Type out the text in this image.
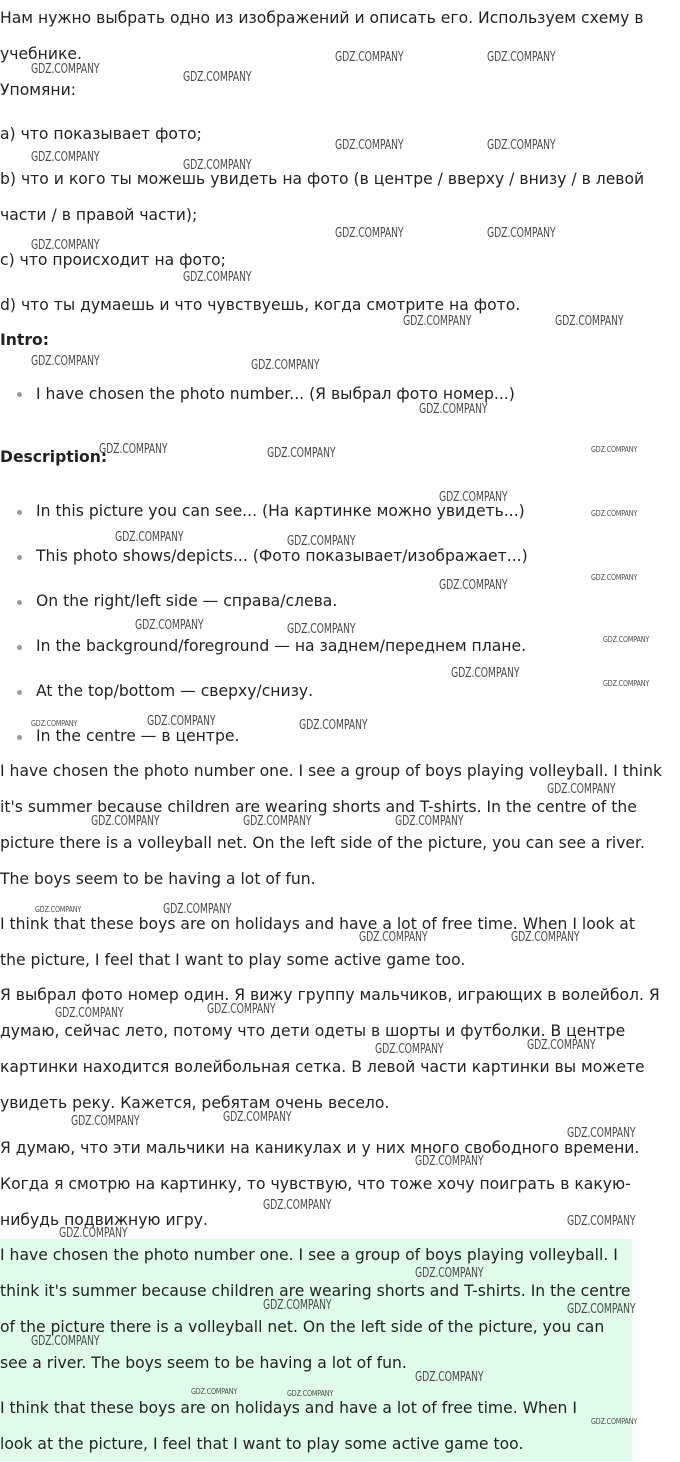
Нам нужно выбрать одно из изображений и описать его. Используем схему в учебнике.

Упомяни:

а) что показывает фото;

b) что и кого ты можешь увидеть на фото (в центре / вверху / внизу / в левой части / в правой части);

c) что происходит на фото;

d) что ты думаешь и что чувствуешь, когда смотрите на фото.

Intro:

I have chosen the photo number... (Я выбрал фото номер...)

Description:

In this picture you can see... (На картинке можно увидеть...)

This photo shows/depicts... (Фото показывает/изображает...)

On the right/left side — справа/слева.

In the background/foreground — на заднем/переднем плане.

At the top/bottom — сверху/снизу.

In the centre — в центре.

I have chosen the photo number one. I see a group of boys playing volleyball. I think it's summer because children are wearing shorts and T-shirts. In the centre of the picture there is a volleyball net. On the left side of the picture, you can see a river. The boys seem to be having a lot of fun.

I think that these boys are on holidays and have a lot of free time. When I look at the picture, I feel that I want to play some active game too.

Я выбрал фото номер один. Я вижу группу мальчиков, играющих в волейбол. Я думаю, сейчас лето, потому что дети одеты в шорты и футболки. В центре картинки находится волейбольная сетка. В левой части картинки вы можете увидеть реку. Кажется, ребятам очень весело.

Я думаю, что эти мальчики на каникулах и у них много свободного времени. Когда я смотрю на картинку, то чувствую, что тоже хочу поиграть в какую-нибудь подвижную игру.

I have chosen the photo number one. I see a group of boys playing volleyball. I think it's summer because children are wearing shorts and T-shirts. In the centre of the picture there is a volleyball net. On the left side of the picture, you can see a river. The boys seem to be having a lot of fun.

I think that these boys are on holidays and have a lot of free time. When I look at the picture, I feel that I want to play some active game too.

GDZ.COMPANY	GDZ.COMPANY
GDZ.COMPANY
GDZ.COMPANY
GDZ.COMPANY	GDZ.COMPANY
GDZ.COMPANY
GDZ.COMPANY
GDZ.COMPANY	GDZ.COMPANY
GDZ.COMPANY
GDZ.COMPANY
GDZ.COMPANY	GDZ.COMPANY
GDZ.COMPANY	GDZ.COMPANY
GDZ.COMPANY
GDZ.COMPANY	GDZ.COMPANY
GDZ.COMPANY
GDZ.COMPANY	GDZ.COMPANY
GDZ.COMPANY
GDZ.COMPANY	GDZ.COMPANY
GDZ.COMPANY
GDZ.COMPANY	GDZ.COMPANY
GDZ.COMPANY
GDZ.COMPANY	GDZ.COMPANY	GDZ.COMPANY
GDZ.COMPANY
GDZ.COMPANY	GDZ.COMPANY
GDZ.COMPANY
GDZ.COMPANY
GDZ.COMPANY
GDZ.COMPANY
GDZ.COMPANY
GDZ.COMPANY
GDZ.COMPANY
GDZ.COMPANY
GDZ.COMPANY
GDZ.COMPANY
GDZ.COMPANY
GDZ.COMPANY
GDZ.COMPANY	GDZ.COMPANY
GDZ.COMPANY
GDZ.COMPANY
GDZ.COMPANY
GDZ.COMPANY
GDZ.COMPANY
GDZ.COMPANY
GDZ.COMPANY
GDZ.COMPANY
GDZ.COMPANY
GDZ.COMPANY	GDZ.COMPANY
GDZ.COMPANY
